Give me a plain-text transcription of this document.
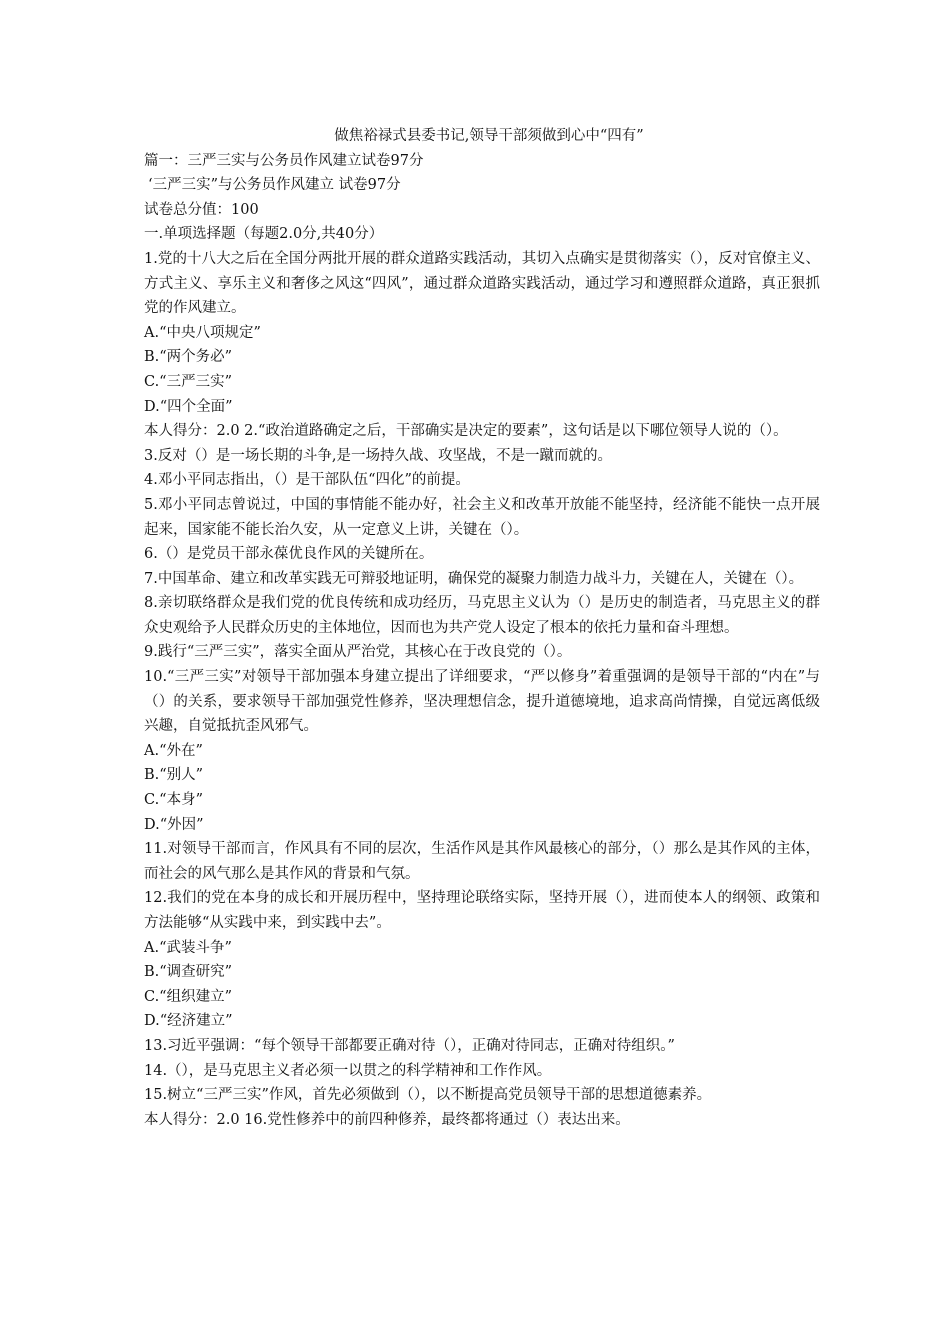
做焦裕禄式县委书记,领导干部须做到心中“四有”

篇一：三严三实与公务员作风建立试卷97分

‘三严三实”与公务员作风建立 试卷97分

试卷总分值：100

一.单项选择题（每题2.0分,共40分）

1.党的十八大之后在全国分两批开展的群众道路实践活动，其切入点确实是贯彻落实（），反对官僚主义、方式主义、享乐主义和奢侈之风这“四风”，通过群众道路实践活动，通过学习和遵照群众道路，真正狠抓党的作风建立。

A.“中央八项规定”

B.“两个务必”

C.“三严三实”

D.“四个全面”

本人得分：2.0 2.“政治道路确定之后，干部确实是决定的要素”，这句话是以下哪位领导人说的（）。

3.反对（）是一场长期的斗争,是一场持久战、攻坚战，不是一蹴而就的。

4.邓小平同志指出，（）是干部队伍“四化”的前提。

5.邓小平同志曾说过，中国的事情能不能办好，社会主义和改革开放能不能坚持，经济能不能快一点开展起来，国家能不能长治久安，从一定意义上讲，关键在（）。

6.（）是党员干部永葆优良作风的关键所在。

7.中国革命、建立和改革实践无可辩驳地证明，确保党的凝聚力制造力战斗力，关键在人，关键在（）。

8.亲切联络群众是我们党的优良传统和成功经历，马克思主义认为（）是历史的制造者，马克思主义的群众史观给予人民群众历史的主体地位，因而也为共产党人设定了根本的依托力量和奋斗理想。

9.践行“三严三实”，落实全面从严治党，其核心在于改良党的（）。

10.“三严三实”对领导干部加强本身建立提出了详细要求，“严以修身”着重强调的是领导干部的“内在”与（）的关系，要求领导干部加强党性修养，坚决理想信念，提升道德境地，追求高尚情操，自觉远离低级兴趣，自觉抵抗歪风邪气。

A.“外在”

B.“别人”

C.“本身”

D.“外因”

11.对领导干部而言，作风具有不同的层次，生活作风是其作风最核心的部分，（）那么是其作风的主体，而社会的风气那么是其作风的背景和气氛。

12.我们的党在本身的成长和开展历程中，坚持理论联络实际，坚持开展（），进而使本人的纲领、政策和方法能够“从实践中来，到实践中去”。

A.“武装斗争”

B.“调查研究”

C.“组织建立”

D.“经济建立”

13.习近平强调：“每个领导干部都要正确对待（），正确对待同志，正确对待组织。”

14.（），是马克思主义者必须一以贯之的科学精神和工作作风。

15.树立“三严三实”作风，首先必须做到（），以不断提高党员领导干部的思想道德素养。

本人得分：2.0 16.党性修养中的前四种修养，最终都将通过（）表达出来。
